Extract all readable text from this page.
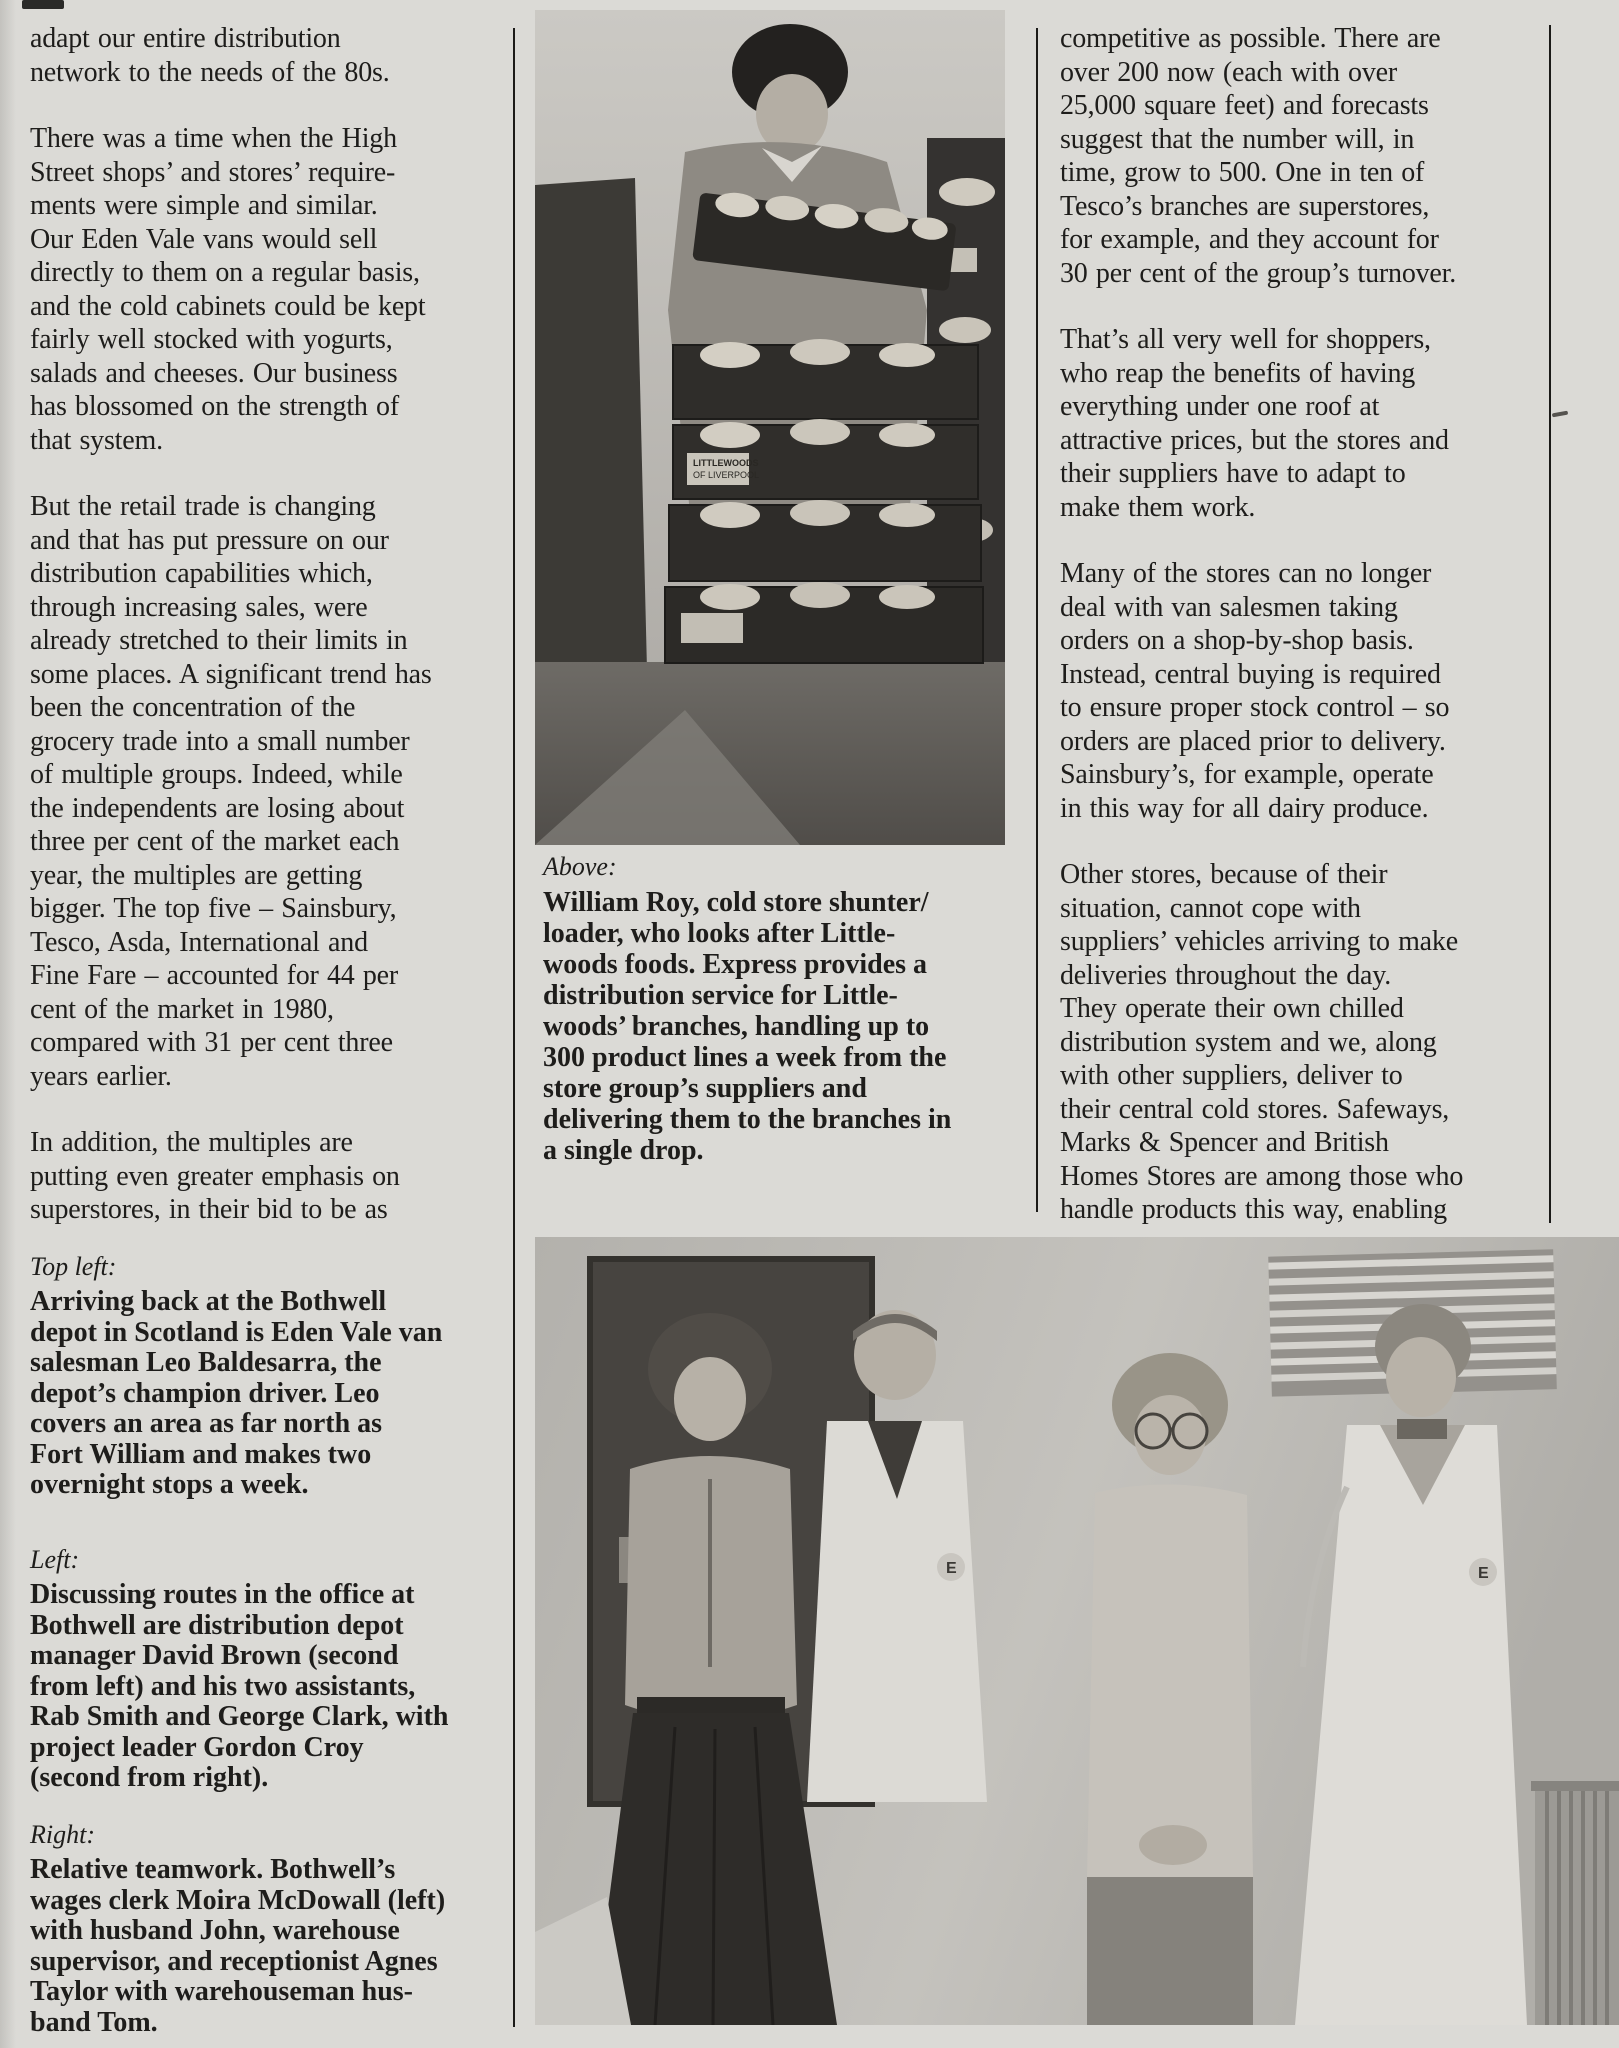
adapt our entire distribution
network to the needs of the 80s.

There was a time when the High
Street shops’ and stores’ require-
ments were simple and similar.
Our Eden Vale vans would sell
directly to them on a regular basis,
and the cold cabinets could be kept
fairly well stocked with yogurts,
salads and cheeses. Our business
has blossomed on the strength of
that system.

But the retail trade is changing
and that has put pressure on our
distribution capabilities which,
through increasing sales, were
already stretched to their limits in
some places. A significant trend has
been the concentration of the
grocery trade into a small number
of multiple groups. Indeed, while
the independents are losing about
three per cent of the market each
year, the multiples are getting
bigger. The top five – Sainsbury,
Tesco, Asda, International and
Fine Fare – accounted for 44 per
cent of the market in 1980,
compared with 31 per cent three
years earlier.

In addition, the multiples are
putting even greater emphasis on
superstores, in their bid to be as

competitive as possible. There are
over 200 now (each with over
25,000 square feet) and forecasts
suggest that the number will, in
time, grow to 500. One in ten of
Tesco’s branches are superstores,
for example, and they account for
30 per cent of the group’s turnover.

That’s all very well for shoppers,
who reap the benefits of having
everything under one roof at
attractive prices, but the stores and
their suppliers have to adapt to
make them work.

Many of the stores can no longer
deal with van salesmen taking
orders on a shop-by-shop basis.
Instead, central buying is required
to ensure proper stock control – so
orders are placed prior to delivery.
Sainsbury’s, for example, operate
in this way for all dairy produce.

Other stores, because of their
situation, cannot cope with
suppliers’ vehicles arriving to make
deliveries throughout the day.
They operate their own chilled
distribution system and we, along
with other suppliers, deliver to
their central cold stores. Safeways,
Marks & Spencer and British
Homes Stores are among those who
handle products this way, enabling

LITTLEWOODS
OF LIVERPOOL

Above:

William Roy, cold store shunter/
loader, who looks after Little-
woods foods. Express provides a
distribution service for Little-
woods’ branches, handling up to
300 product lines a week from the
store group’s suppliers and
delivering them to the branches in
a single drop.

Top left:

Arriving back at the Bothwell
depot in Scotland is Eden Vale van
salesman Leo Baldesarra, the
depot’s champion driver. Leo
covers an area as far north as
Fort William and makes two
overnight stops a week.

Left:

Discussing routes in the office at
Bothwell are distribution depot
manager David Brown (second
from left) and his two assistants,
Rab Smith and George Clark, with
project leader Gordon Croy
(second from right).

Right:

Relative teamwork. Bothwell’s
wages clerk Moira McDowall (left)
with husband John, warehouse
supervisor, and receptionist Agnes
Taylor with warehouseman hus-
band Tom.

E	E
